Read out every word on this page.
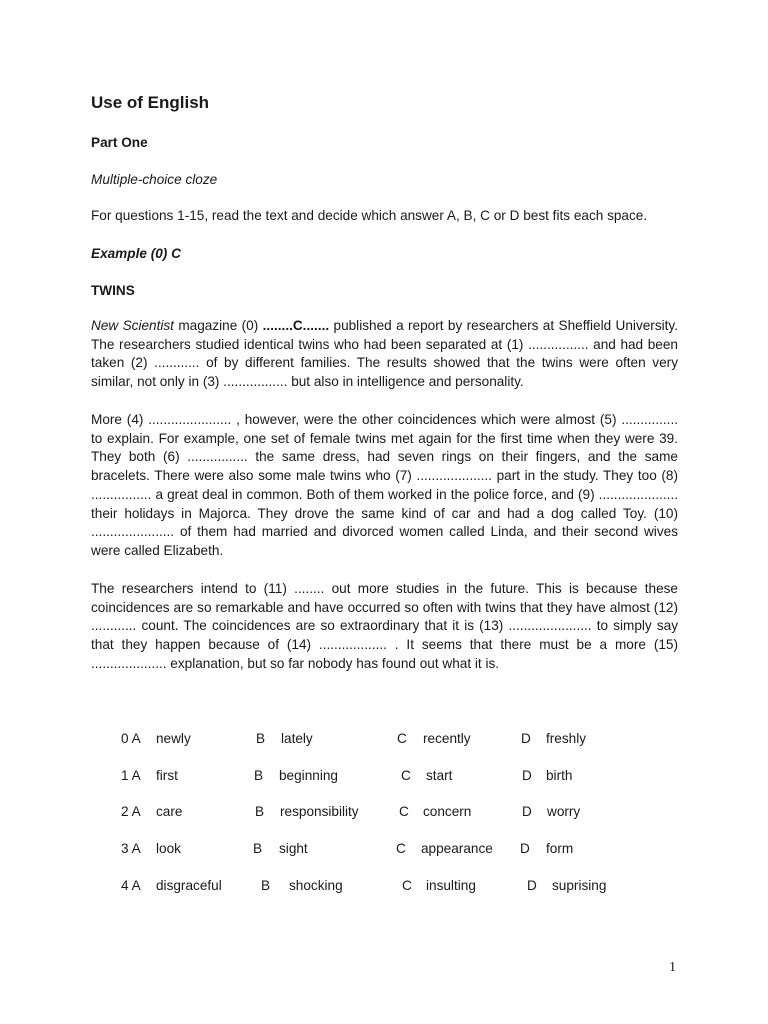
Use of English
Part One
Multiple-choice cloze
For questions 1-15, read the text and decide which answer A, B, C or D best fits each space.
Example (0) C
TWINS

New Scientist magazine (0) ........C....... published a report by researchers at Sheffield University. The researchers studied identical twins who had been separated at (1) ................ and had been taken (2) ............ of by different families. The results showed that the twins were often very similar, not only in (3) ................. but also in intelligence and personality.

More (4) ...................... , however, were the other coincidences which were almost (5) ............... to explain. For example, one set of female twins met again for the first time when they were 39. They both (6) ................ the same dress, had seven rings on their fingers, and the same bracelets. There were also some male twins who (7) .................... part in the study. They too (8) ................ a great deal in common. Both of them worked in the police force, and (9) ..................... their holidays in Majorca. They drove the same kind of car and had a dog called Toy. (10) ...................... of them had married and divorced women called Linda, and their second wives were called Elizabeth.

The researchers intend to (11) ........ out more studies in the future. This is because these coincidences are so remarkable and have occurred so often with twins that they have almost (12) ............ count. The coincidences are so extraordinary that it is (13) ...................... to simply say that they happen because of (14) .................. . It seems that there must be a more (15) .................... explanation, but so far nobody has found out what it is.

0 A newly	B lately	C recently	D freshly
1 A first	B beginning	C start	D birth
2 A care	B responsibility	C concern	D worry
3 A look	B sight	C appearance D form
4 A disgraceful	B shocking	C insulting	D suprising
1
